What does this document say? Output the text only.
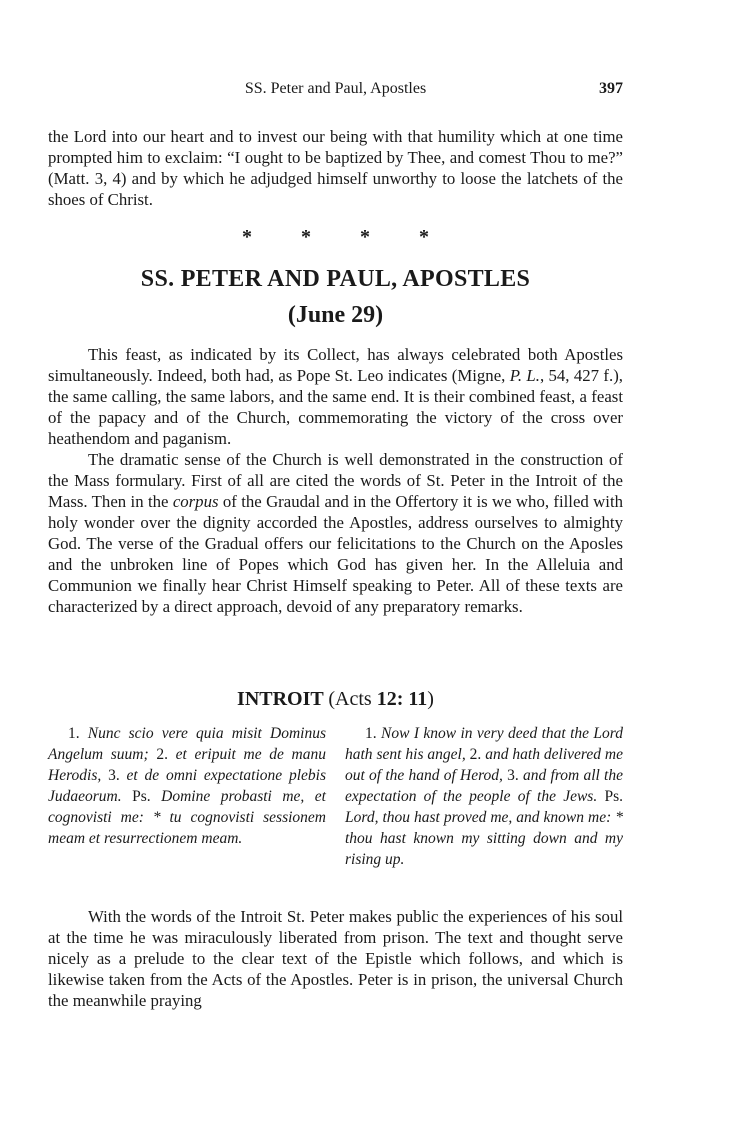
SS. Peter and Paul, Apostles	397

the Lord into our heart and to invest our being with that humility which at one time prompted him to exclaim: “I ought to be baptized by Thee, and comest Thou to me?” (Matt. 3, 4) and by which he adjudged himself unworthy to loose the latchets of the shoes of Christ.

* * * *
SS. PETER AND PAUL, APOSTLES
(June 29)

This feast, as indicated by its Collect, has always celebrated both Apostles simultaneously. Indeed, both had, as Pope St. Leo indicates (Migne, P. L., 54, 427 f.), the same calling, the same labors, and the same end. It is their combined feast, a feast of the papacy and of the Church, commemorating the victory of the cross over heathendom and paganism.

The dramatic sense of the Church is well demonstrated in the construction of the Mass formulary. First of all are cited the words of St. Peter in the Introit of the Mass. Then in the corpus of the Graudal and in the Offertory it is we who, filled with holy wonder over the dignity accorded the Apostles, address ourselves to almighty God. The verse of the Gradual offers our felicitations to the Church on the Aposles and the unbroken line of Popes which God has given her. In the Alleluia and Communion we finally hear Christ Himself speaking to Peter. All of these texts are characterized by a direct approach, devoid of any preparatory remarks.

INTROIT (Acts 12: 11)

1. Nunc scio vere quia misit Dominus Angelum suum; 2. et eripuit me de manu Herodis, 3. et de omni expectatione plebis Judaeorum. Ps. Domine probasti me, et cognovisti me: * tu cognovisti sessionem meam et resurrectionem meam.

1. Now I know in very deed that the Lord hath sent his angel, 2. and hath delivered me out of the hand of Herod, 3. and from all the expectation of the people of the Jews. Ps. Lord, thou hast proved me, and known me: * thou hast known my sitting down and my rising up.

With the words of the Introit St. Peter makes public the experiences of his soul at the time he was miraculously liberated from prison. The text and thought serve nicely as a prelude to the clear text of the Epistle which follows, and which is likewise taken from the Acts of the Apostles. Peter is in prison, the universal Church the meanwhile praying
